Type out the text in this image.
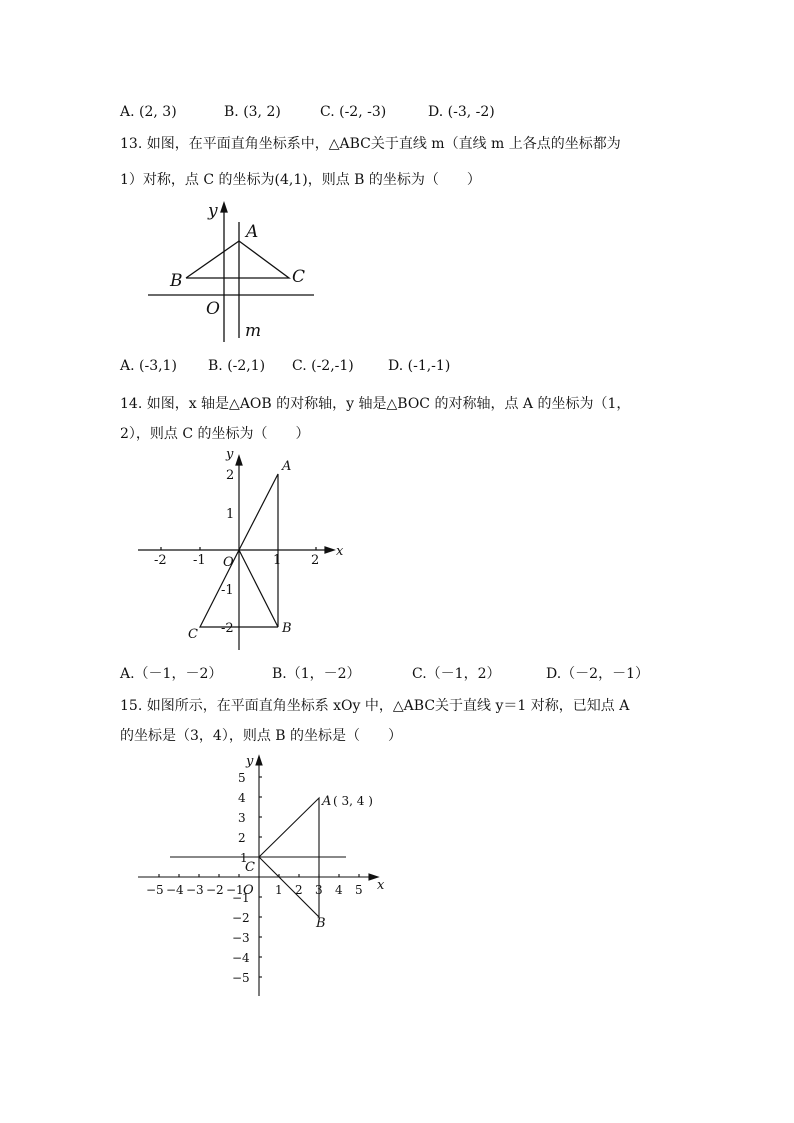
A. (2, 3)	B. (3, 2)	C. (-2, -3)	D. (-3, -2)
13. 如图，在平面直角坐标系中，△ABC关于直线 m（直线 m 上各点的坐标都为
1）对称，点 C 的坐标为(4,1)，则点 B 的坐标为（　　）
y
A
B	C
O
m
A. (-3,1) B. (-2,1) C. (-2,-1) D. (-1,-1)
14. 如图，x 轴是△AOB 的对称轴，y 轴是△BOC 的对称轴，点 A 的坐标为（1，
2），则点 C 的坐标为（　　）
-2 -1	1 2
2
1
-1
-2
y
x
A
B
C
O
A.（－1，－2）	B.（1，－2）	C.（－1，2）	D.（－2，－1）
15. 如图所示，在平面直角坐标系 xOy 中，△ABC关于直线 y＝1 对称，已知点 A
的坐标是（3，4），则点 B 的坐标是（　　）
−5 −4 −3 −2 −1	1 2 3 4 5
5
4
3
2
1
−1
−2
−3
−4
−5
y
x
A
B
C
O
( 3, 4 )
